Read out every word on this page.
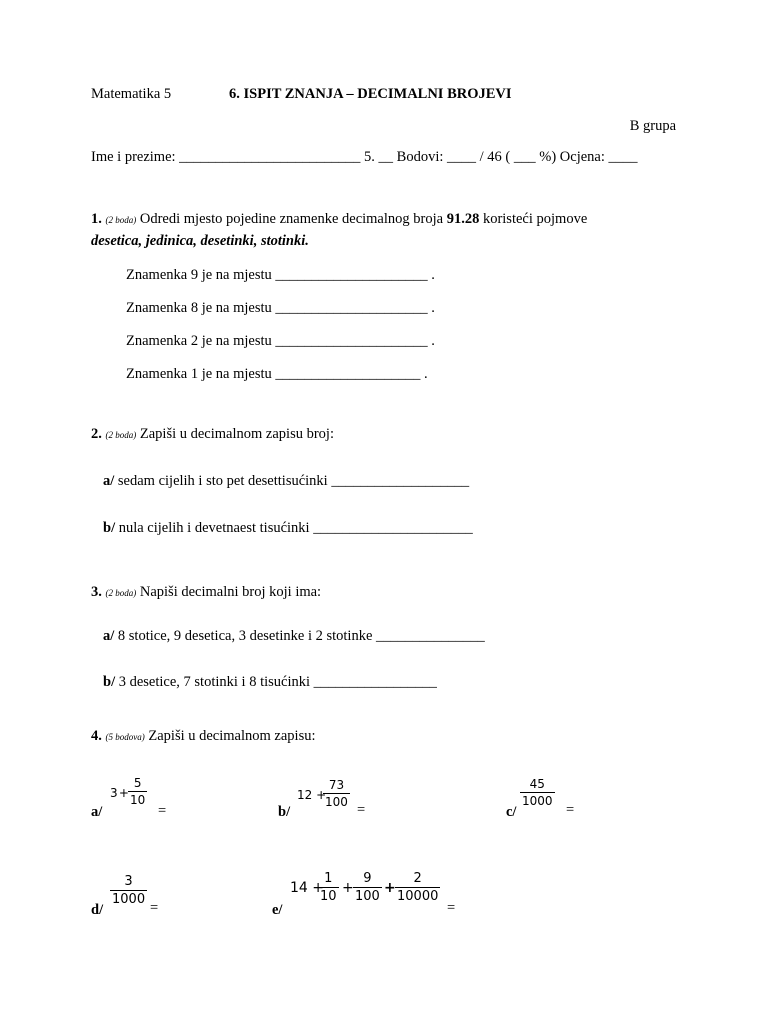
Matematika 5	6. ISPIT ZNANJA – DECIMALNI BROJEVI
B grupa
Ime i prezime: _________________________ 5. __ Bodovi: ____ / 46 ( ___ %) Ocjena: ____
1. (2 boda) Odredi mjesto pojedine znamenke decimalnog broja 91.28 koristeći pojmove
desetica, jedinica, desetinki, stotinki.
Znamenka 9 je na mjestu _____________________ .
Znamenka 8 je na mjestu _____________________ .
Znamenka 2 je na mjestu _____________________ .
Znamenka 1 je na mjestu ____________________ .
2. (2 boda) Zapiši u decimalnom zapisu broj:
a/ sedam cijelih i sto pet desettisućinki ___________________
b/ nula cijelih i devetnaest tisućinki ______________________
3. (2 boda) Napiši decimalni broj koji ima:
a/ 8 stotice, 9 desetica, 3 desetinke i 2 stotinke _______________
b/ 3 desetice, 7 stotinki i 8 tisućinki _________________
4. (5 bodova) Zapiši u decimalnom zapisu:
a/
3 + $\frac{5}{10}$
=	b/
12 +
$\frac{73}{100}$
=	c/
$\frac{45}{1000}$
=
d/
$\frac{3}{1000}$
=	e/
14 +
$\frac{1}{10} + \frac{9}{100} + \frac{2}{10000}$
=
